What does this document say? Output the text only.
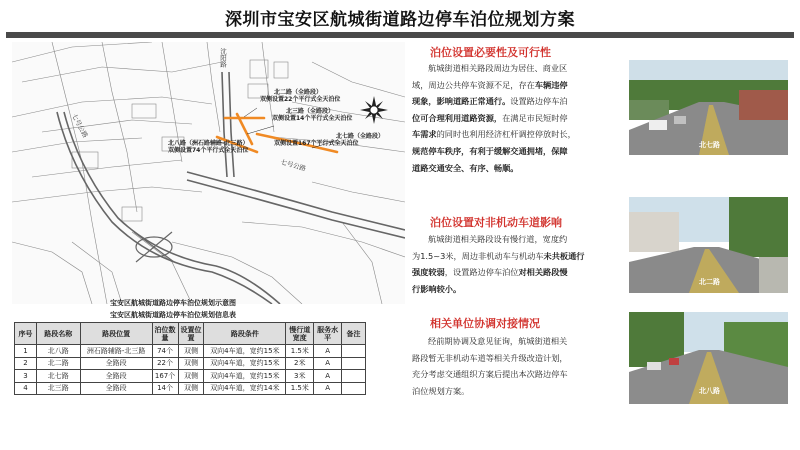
深圳市宝安区航城街道路边停车泊位规划方案
沈阳路
七号公路
七号公路
北二路（全路段）
双侧设置22个平行式全天泊位
北三路（全路段）
双侧设置14个平行式全天泊位
北八路（洲石路辅路-北三路）
双侧设置74个平行式全天泊位
北七路（全路段）
双侧设置167个平行式全天泊位
宝安区航城街道路边停车泊位规划示意图
宝安区航城街道路边停车泊位规划信息表
序号	路段名称	路段位置	泊位数量	设置位置	路段条件	慢行道宽度	服务水平	备注
1	北八路	洲石路辅路-北三路	74个	双侧	双向4车道，宽约15米	1.5米	A	
2	北二路	全路段	22个	双侧	双向4车道，宽约15米	2米	A	
3	北七路	全路段	167个	双侧	双向4车道，宽约15米	3米	A	
4	北三路	全路段	14个	双侧	双向4车道，宽约14米	1.5米	A	
泊位设置必要性及可行性
航城街道相关路段周边为居住、商业区
域，周边公共停车资源不足，存在车辆违停
现象，影响道路正常通行。设置路边停车泊
位可合理利用道路资源，在满足市民短时停
车需求的同时也利用经济杠杆调控停放时长，
规范停车秩序，有利于缓解交通拥堵，保障
道路交通安全、有序、畅顺。
泊位设置对非机动车道影响
航城街道相关路段设有慢行道，宽度约
为1.5~3米，周边非机动车与机动车未共板通行
强度较弱，设置路边停车泊位对相关路段慢
行影响较小。
相关单位协调对接情况
经前期协调及意见征询，航城街道相关
路段暂无非机动车道等相关升级改造计划，
充分考虑交通组织方案后提出本次路边停车
泊位规划方案。
北七路
北二路
北八路
